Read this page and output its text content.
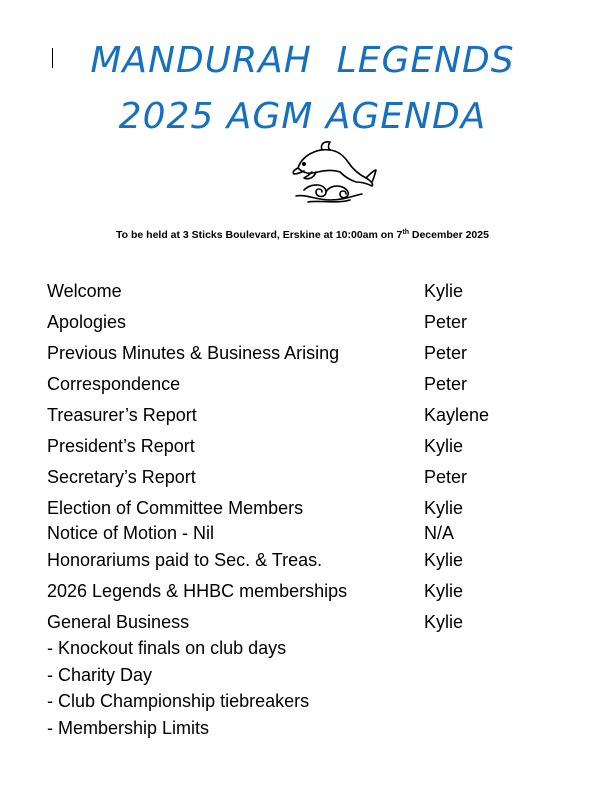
MANDURAH  LEGENDS
2025 AGM AGENDA
To be held at 3 Sticks Boulevard, Erskine at 10:00am on 7th December 2025
Welcome	Kylie
Apologies	Peter
Previous Minutes & Business Arising	Peter
Correspondence	Peter
Treasurer’s Report	Kaylene
President’s Report	Kylie
Secretary’s Report	Peter
Election of Committee Members	Kylie
Notice of Motion - Nil	N/A
Honorariums paid to Sec. & Treas.	Kylie
2026 Legends & HHBC memberships	Kylie
General Business	Kylie
- Knockout finals on club days
- Charity Day
- Club Championship tiebreakers
- Membership Limits
